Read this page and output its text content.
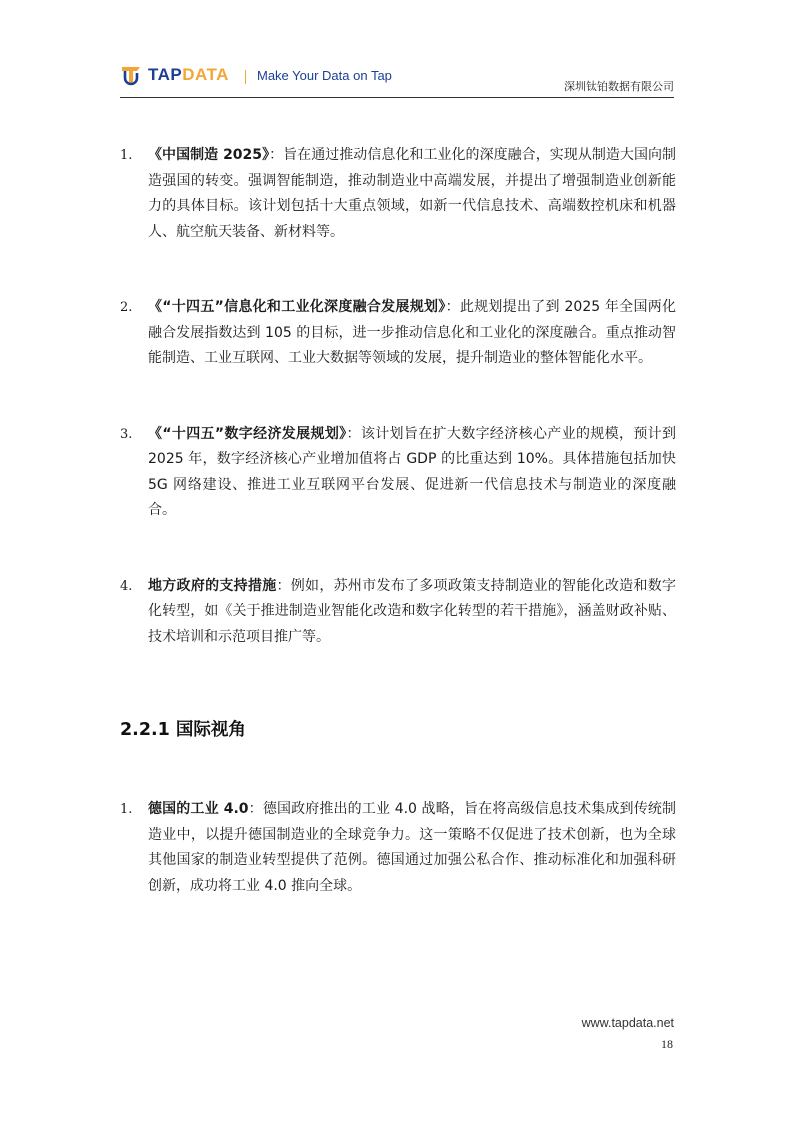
TAPDATA Make Your Data on Tap
深圳钛铂数据有限公司
1. 《中国制造 2025》：旨在通过推动信息化和工业化的深度融合，实现从制造大国向制造强国的转变。强调智能制造，推动制造业中高端发展，并提出了增强制造业创新能力的具体目标。该计划包括十大重点领域，如新一代信息技术、高端数控机床和机器人、航空航天装备、新材料等。
2. 《“十四五”信息化和工业化深度融合发展规划》：此规划提出了到 2025 年全国两化融合发展指数达到 105 的目标，进一步推动信息化和工业化的深度融合。重点推动智能制造、工业互联网、工业大数据等领域的发展，提升制造业的整体智能化水平。
3. 《“十四五”数字经济发展规划》：该计划旨在扩大数字经济核心产业的规模，预计到 2025 年，数字经济核心产业增加值将占 GDP 的比重达到 10%。具体措施包括加快 5G 网络建设、推进工业互联网平台发展、促进新一代信息技术与制造业的深度融合。
4. 地方政府的支持措施：例如，苏州市发布了多项政策支持制造业的智能化改造和数字化转型，如《关于推进制造业智能化改造和数字化转型的若干措施》，涵盖财政补贴、技术培训和示范项目推广等。
2.2.1 国际视角
1. 德国的工业 4.0：德国政府推出的工业 4.0 战略，旨在将高级信息技术集成到传统制造业中，以提升德国制造业的全球竞争力。这一策略不仅促进了技术创新，也为全球其他国家的制造业转型提供了范例。德国通过加强公私合作、推动标准化和加强科研创新，成功将工业 4.0 推向全球。
www.tapdata.net
18
